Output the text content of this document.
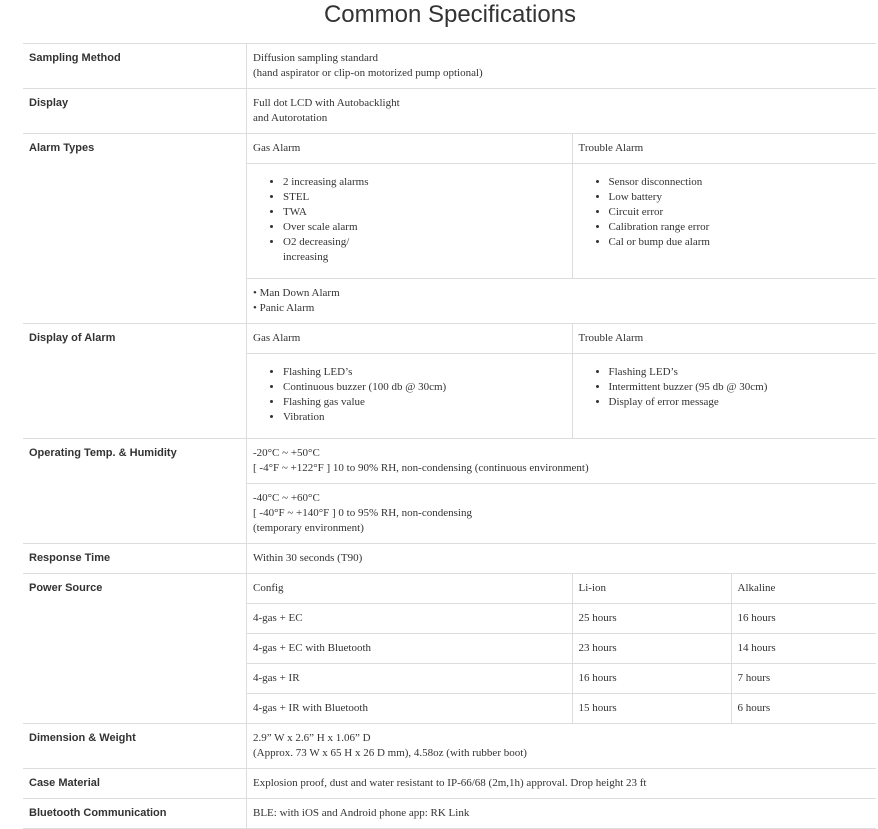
Common Specifications
Sampling Method	Diffusion sampling standard
(hand aspirator or clip-on motorized pump optional)

Display	Full dot LCD with Autobacklight
and Autorotation

Alarm Types		Gas Alarm	Trouble Alarm

• 2 increasing alarms
• STEL
• TWA
• Over scale alarm
• O2 decreasing/
increasing

• Sensor disconnection
• Low battery
• Circuit error
• Calibration range error
• Cal or bump due alarm

• Man Down Alarm
• Panic Alarm

Display of Alarm		Gas Alarm	Trouble Alarm

• Flashing LED’s
• Continuous buzzer (100 db @ 30cm)
• Flashing gas value
• Vibration

• Flashing LED’s
• Intermittent buzzer (95 db @ 30cm)
• Display of error message

Operating Temp. & Humidity	-20°C ~ +50°C
[ -4°F ~ +122°F ] 10 to 90% RH, non-condensing (continuous environment)
-40°C ~ +60°C
[ -40°F ~ +140°F ] 0 to 95% RH, non-condensing
(temporary environment)

Response Time	Within 30 seconds (T90)

Power Source		Config	Li-ion	Alkaline
4-gas + EC	25 hours	16 hours
4-gas + EC with Bluetooth	23 hours	14 hours
4-gas + IR	16 hours	7 hours
4-gas + IR with Bluetooth	15 hours	6 hours

Dimension & Weight	2.9” W x 2.6” H x 1.06” D
(Approx. 73 W x 65 H x 26 D mm), 4.58oz (with rubber boot)

Case Material	Explosion proof, dust and water resistant to IP-66/68 (2m,1h) approval. Drop height 23 ft

Bluetooth Communication	BLE: with iOS and Android phone app: RK Link
